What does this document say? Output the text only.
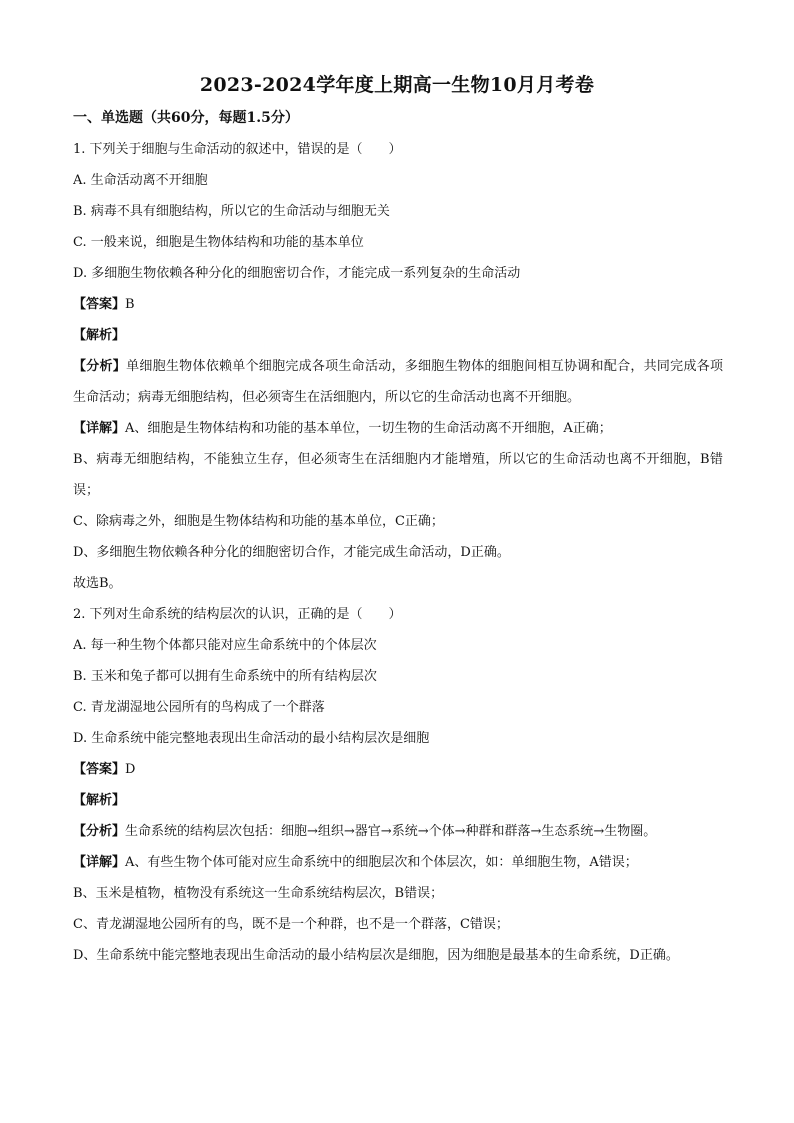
2023-2024学年度上期高一生物10月月考卷
一、单选题（共60分，每题1.5分）
1. 下列关于细胞与生命活动的叙述中，错误的是（　　）
A. 生命活动离不开细胞
B. 病毒不具有细胞结构，所以它的生命活动与细胞无关
C. 一般来说，细胞是生物体结构和功能的基本单位
D. 多细胞生物依赖各种分化的细胞密切合作，才能完成一系列复杂的生命活动
【答案】B
【解析】
【分析】单细胞生物体依赖单个细胞完成各项生命活动，多细胞生物体的细胞间相互协调和配合，共同完成各项生命活动；病毒无细胞结构，但必须寄生在活细胞内，所以它的生命活动也离不开细胞。
【详解】A、细胞是生物体结构和功能的基本单位，一切生物的生命活动离不开细胞，A正确；
B、病毒无细胞结构，不能独立生存，但必须寄生在活细胞内才能增殖，所以它的生命活动也离不开细胞，B错误；
C、除病毒之外，细胞是生物体结构和功能的基本单位，C正确；
D、多细胞生物依赖各种分化的细胞密切合作，才能完成生命活动，D正确。
故选B。
2. 下列对生命系统的结构层次的认识，正确的是（　　）
A. 每一种生物个体都只能对应生命系统中的个体层次
B. 玉米和兔子都可以拥有生命系统中的所有结构层次
C. 青龙湖湿地公园所有的鸟构成了一个群落
D. 生命系统中能完整地表现出生命活动的最小结构层次是细胞
【答案】D
【解析】
【分析】生命系统的结构层次包括：细胞→组织→器官→系统→个体→种群和群落→生态系统→生物圈。
【详解】A、有些生物个体可能对应生命系统中的细胞层次和个体层次，如：单细胞生物，A错误；
B、玉米是植物，植物没有系统这一生命系统结构层次，B错误；
C、青龙湖湿地公园所有的鸟，既不是一个种群，也不是一个群落，C错误；
D、生命系统中能完整地表现出生命活动的最小结构层次是细胞，因为细胞是最基本的生命系统，D正确。
